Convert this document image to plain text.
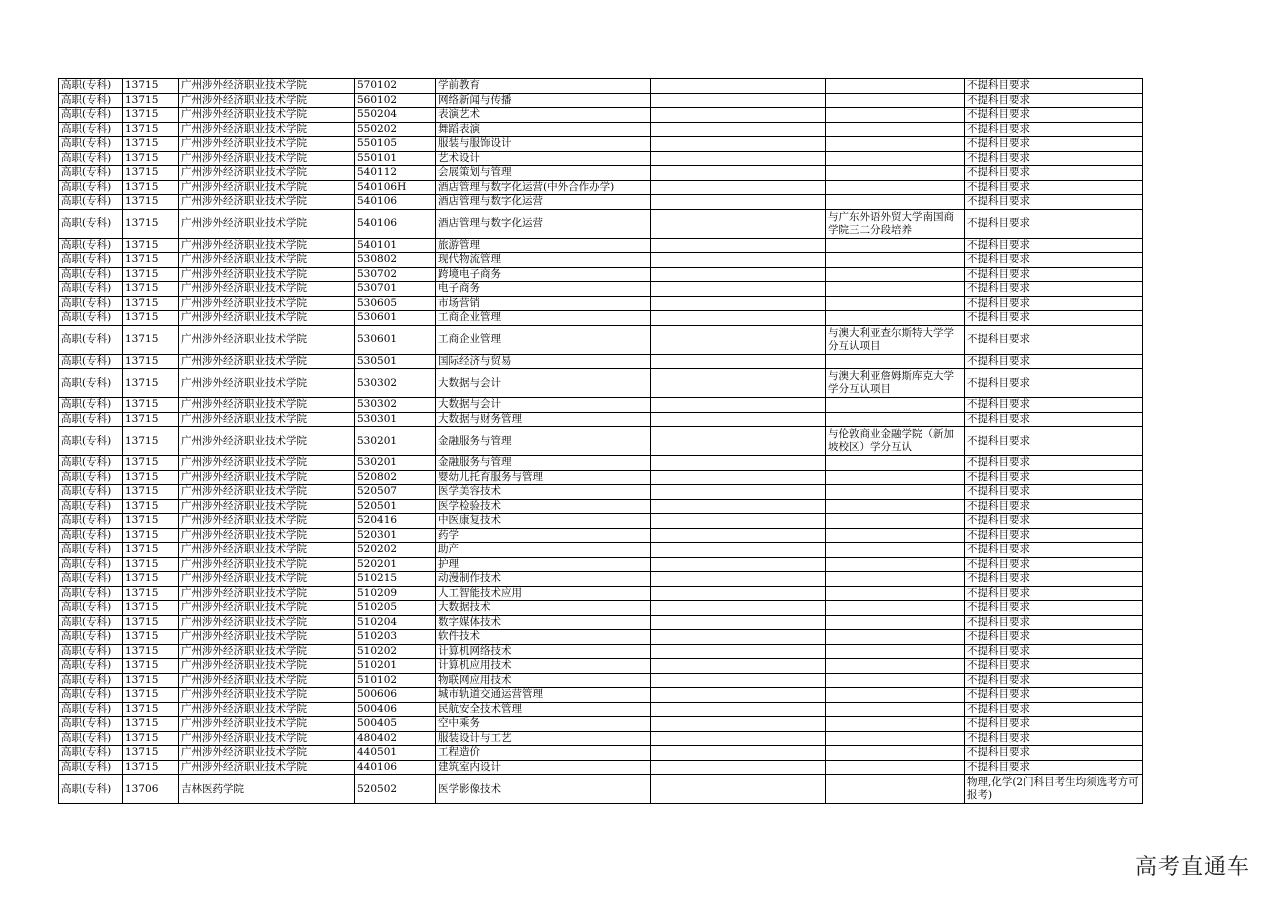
高职(专科)	13715	广州涉外经济职业技术学院	570102	学前教育			不提科目要求
高职(专科)	13715	广州涉外经济职业技术学院	560102	网络新闻与传播			不提科目要求
高职(专科)	13715	广州涉外经济职业技术学院	550204	表演艺术			不提科目要求
高职(专科)	13715	广州涉外经济职业技术学院	550202	舞蹈表演			不提科目要求
高职(专科)	13715	广州涉外经济职业技术学院	550105	服装与服饰设计			不提科目要求
高职(专科)	13715	广州涉外经济职业技术学院	550101	艺术设计			不提科目要求
高职(专科)	13715	广州涉外经济职业技术学院	540112	会展策划与管理			不提科目要求
高职(专科)	13715	广州涉外经济职业技术学院	540106H	酒店管理与数字化运营(中外合作办学)			不提科目要求
高职(专科)	13715	广州涉外经济职业技术学院	540106	酒店管理与数字化运营			不提科目要求
高职(专科)	13715	广州涉外经济职业技术学院	540106	酒店管理与数字化运营		与广东外语外贸大学南国商学院三二分段培养	不提科目要求
高职(专科)	13715	广州涉外经济职业技术学院	540101	旅游管理			不提科目要求
高职(专科)	13715	广州涉外经济职业技术学院	530802	现代物流管理			不提科目要求
高职(专科)	13715	广州涉外经济职业技术学院	530702	跨境电子商务			不提科目要求
高职(专科)	13715	广州涉外经济职业技术学院	530701	电子商务			不提科目要求
高职(专科)	13715	广州涉外经济职业技术学院	530605	市场营销			不提科目要求
高职(专科)	13715	广州涉外经济职业技术学院	530601	工商企业管理			不提科目要求
高职(专科)	13715	广州涉外经济职业技术学院	530601	工商企业管理		与澳大利亚查尔斯特大学学分互认项目	不提科目要求
高职(专科)	13715	广州涉外经济职业技术学院	530501	国际经济与贸易			不提科目要求
高职(专科)	13715	广州涉外经济职业技术学院	530302	大数据与会计		与澳大利亚詹姆斯库克大学学分互认项目	不提科目要求
高职(专科)	13715	广州涉外经济职业技术学院	530302	大数据与会计			不提科目要求
高职(专科)	13715	广州涉外经济职业技术学院	530301	大数据与财务管理			不提科目要求
高职(专科)	13715	广州涉外经济职业技术学院	530201	金融服务与管理		与伦敦商业金融学院（新加坡校区）学分互认	不提科目要求
高职(专科)	13715	广州涉外经济职业技术学院	530201	金融服务与管理			不提科目要求
高职(专科)	13715	广州涉外经济职业技术学院	520802	婴幼儿托育服务与管理			不提科目要求
高职(专科)	13715	广州涉外经济职业技术学院	520507	医学美容技术			不提科目要求
高职(专科)	13715	广州涉外经济职业技术学院	520501	医学检验技术			不提科目要求
高职(专科)	13715	广州涉外经济职业技术学院	520416	中医康复技术			不提科目要求
高职(专科)	13715	广州涉外经济职业技术学院	520301	药学			不提科目要求
高职(专科)	13715	广州涉外经济职业技术学院	520202	助产			不提科目要求
高职(专科)	13715	广州涉外经济职业技术学院	520201	护理			不提科目要求
高职(专科)	13715	广州涉外经济职业技术学院	510215	动漫制作技术			不提科目要求
高职(专科)	13715	广州涉外经济职业技术学院	510209	人工智能技术应用			不提科目要求
高职(专科)	13715	广州涉外经济职业技术学院	510205	大数据技术			不提科目要求
高职(专科)	13715	广州涉外经济职业技术学院	510204	数字媒体技术			不提科目要求
高职(专科)	13715	广州涉外经济职业技术学院	510203	软件技术			不提科目要求
高职(专科)	13715	广州涉外经济职业技术学院	510202	计算机网络技术			不提科目要求
高职(专科)	13715	广州涉外经济职业技术学院	510201	计算机应用技术			不提科目要求
高职(专科)	13715	广州涉外经济职业技术学院	510102	物联网应用技术			不提科目要求
高职(专科)	13715	广州涉外经济职业技术学院	500606	城市轨道交通运营管理			不提科目要求
高职(专科)	13715	广州涉外经济职业技术学院	500406	民航安全技术管理			不提科目要求
高职(专科)	13715	广州涉外经济职业技术学院	500405	空中乘务			不提科目要求
高职(专科)	13715	广州涉外经济职业技术学院	480402	服装设计与工艺			不提科目要求
高职(专科)	13715	广州涉外经济职业技术学院	440501	工程造价			不提科目要求
高职(专科)	13715	广州涉外经济职业技术学院	440106	建筑室内设计			不提科目要求
高职(专科)	13706	吉林医药学院	520502	医学影像技术			物理,化学(2门科目考生均须选考方可报考)
高考直通车
